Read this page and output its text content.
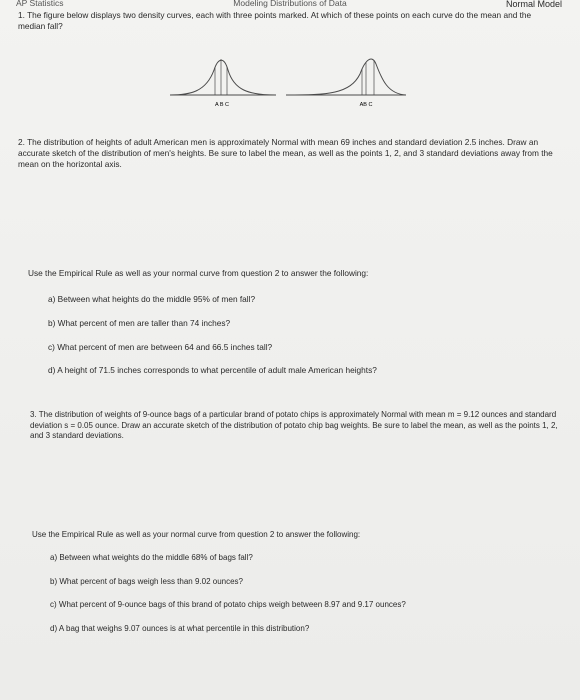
AP Statistics	Modeling Distributions of Data	Normal Model

1. The figure below displays two density curves, each with three points marked. At which of these points on each curve do the mean and the median fall?

A B C	AB C

2. The distribution of heights of adult American men is approximately Normal with mean 69 inches and standard deviation 2.5 inches. Draw an accurate sketch of the distribution of men's heights. Be sure to label the mean, as well as the points 1, 2, and 3 standard deviations away from the mean on the horizontal axis.

Use the Empirical Rule as well as your normal curve from question 2 to answer the following:

a) Between what heights do the middle 95% of men fall?

b) What percent of men are taller than 74 inches?

c) What percent of men are between 64 and 66.5 inches tall?

d) A height of 71.5 inches corresponds to what percentile of adult male American heights?

3. The distribution of weights of 9-ounce bags of a particular brand of potato chips is approximately Normal with mean m = 9.12 ounces and standard deviation s = 0.05 ounce. Draw an accurate sketch of the distribution of potato chip bag weights. Be sure to label the mean, as well as the points 1, 2, and 3 standard deviations.

Use the Empirical Rule as well as your normal curve from question 2 to answer the following:

a) Between what weights do the middle 68% of bags fall?

b) What percent of bags weigh less than 9.02 ounces?

c) What percent of 9-ounce bags of this brand of potato chips weigh between 8.97 and 9.17 ounces?

d) A bag that weighs 9.07 ounces is at what percentile in this distribution?
